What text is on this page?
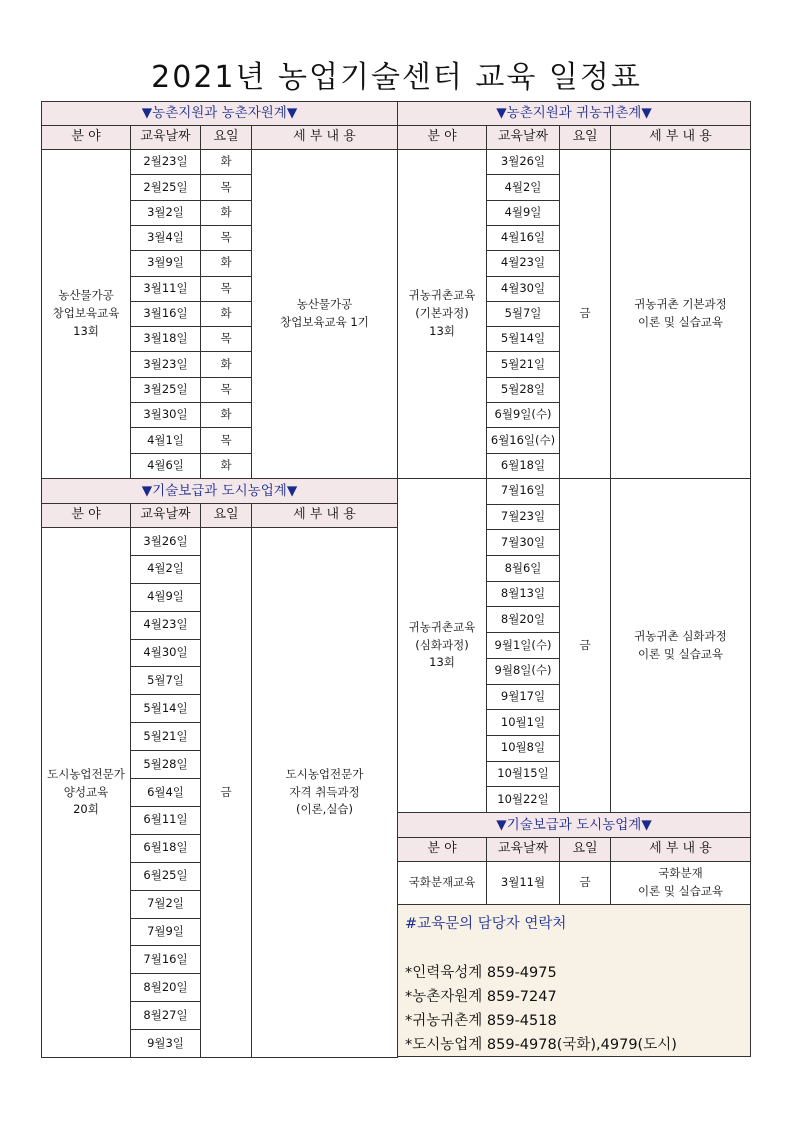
2021년 농업기술센터 교육 일정표
▼농촌지원과 농촌자원계▼
분 야	교육날짜	요일	세 부 내 용
농산물가공
창업보육교육
13회
2월23일	화
2월25일	목
3월2일	화
3월4일	목
3월9일	화
3월11일	목
3월16일	화
3월18일	목
3월23일	화
3월25일	목
3월30일	화
4월1일	목
4월6일	화
농산물가공
창업보육교육 1기
▼농촌지원과 귀농귀촌계▼
분 야	교육날짜	요일	세 부 내 용
귀농귀촌교육
(기본과정)
13회
3월26일
4월2일
4월9일
4월16일
4월23일
4월30일
5월7일
5월14일
5월21일
5월28일
6월9일(수)
6월16일(수)
6월18일
금
귀농귀촌 기본과정
이론 및 실습교육
귀농귀촌교육
(심화과정)
13회
7월16일
7월23일
7월30일
8월6일
8월13일
8월20일
9월1일(수)
9월8일(수)
9월17일
10월1일
10월8일
10월15일
10월22일
금
귀농귀촌 심화과정
이론 및 실습교육
▼기술보급과 도시농업계▼
분 야	교육날짜	요일	세 부 내 용
도시농업전문가
양성교육
20회
3월26일
4월2일
4월9일
4월23일
4월30일
5월7일
5월14일
5월21일
5월28일
6월4일
6월11일
6월18일
6월25일
7월2일
7월9일
7월16일
8월20일
8월27일
9월3일
금
도시농업전문가
자격 취득과정
(이론,실습)
▼기술보급과 도시농업계▼
분 야	교육날짜	요일	세 부 내 용
국화분재교육	3월11월	금
국화분재
이론 및 실습교육
#교육문의 담당자 연락처
*인력육성계 859-4975
*농촌자원계 859-7247
*귀농귀촌계 859-4518
*도시농업계 859-4978(국화),4979(도시)
